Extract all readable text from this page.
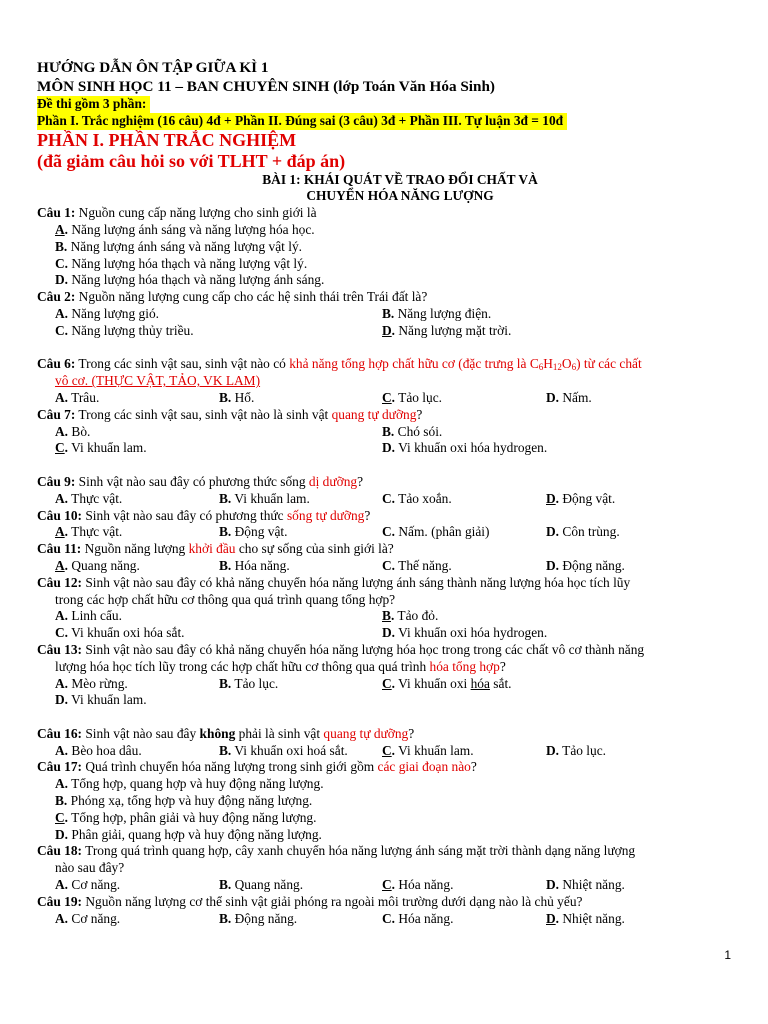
HƯỚNG DẪN ÔN TẬP GIỮA KÌ 1
MÔN SINH HỌC 11 – BAN CHUYÊN SINH (lớp Toán Văn Hóa Sinh)
Đề thi gồm 3 phần:
Phần I. Trắc nghiệm (16 câu) 4đ + Phần II. Đúng sai (3 câu) 3đ + Phần III. Tự luận 3đ = 10đ
PHẦN I. PHẦN TRẮC NGHIỆM
(đã giảm câu hỏi so với TLHT + đáp án)
BÀI 1: KHÁI QUÁT VỀ TRAO ĐỔI CHẤT VÀ
CHUYỂN HÓA NĂNG LƯỢNG
Câu 1: Nguồn cung cấp năng lượng cho sinh giới là
A. Năng lượng ánh sáng và năng lượng hóa học.
B. Năng lượng ánh sáng và năng lượng vật lý.
C. Năng lượng hóa thạch và năng lượng vật lý.
D. Năng lượng hóa thạch và năng lượng ánh sáng.
Câu 2: Nguồn năng lượng cung cấp cho các hệ sinh thái trên Trái đất là?
A. Năng lượng gió.	B. Năng lượng điện.
C. Năng lượng thủy triều.	D. Năng lượng mặt trời.
Câu 6: Trong các sinh vật sau, sinh vật nào có khả năng tổng hợp chất hữu cơ (đặc trưng là $C_6H_{12}O_6$) từ các chất
vô cơ. (THỰC VẬT, TẢO, VK LAM)
A. Trâu.	B. Hổ.	C. Tảo lục.	D. Nấm.
Câu 7: Trong các sinh vật sau, sinh vật nào là sinh vật quang tự dưỡng?
A. Bò.	B. Chó sói.
C. Vi khuẩn lam.	D. Vi khuẩn oxi hóa hydrogen.
Câu 9: Sinh vật nào sau đây có phương thức sống dị dưỡng?
A. Thực vật.	B. Vi khuẩn lam.	C. Tảo xoắn.	D. Động vật.
Câu 10: Sinh vật nào sau đây có phương thức sống tự dưỡng?
A. Thực vật.	B. Động vật.	C. Nấm. (phân giải)	D. Côn trùng.
Câu 11: Nguồn năng lượng khởi đầu cho sự sống của sinh giới là?
A. Quang năng.	B. Hóa năng.	C. Thế năng.	D. Động năng.
Câu 12: Sinh vật nào sau đây có khả năng chuyển hóa năng lượng ánh sáng thành năng lượng hóa học tích lũy
trong các hợp chất hữu cơ thông qua quá trình quang tổng hợp?
A. Linh cẩu.	B. Tảo đỏ.
C. Vi khuẩn oxi hóa sắt.	D. Vi khuẩn oxi hóa hydrogen.
Câu 13: Sinh vật nào sau đây có khả năng chuyển hóa năng lượng hóa học trong trong các chất vô cơ thành năng
lượng hóa học tích lũy trong các hợp chất hữu cơ thông qua quá trình hóa tổng hợp?
A. Mèo rừng.	B. Tảo lục.	C. Vi khuẩn oxi hóa sắt.
D. Vi khuẩn lam.
Câu 16: Sinh vật nào sau đây không phải là sinh vật quang tự dưỡng?
A. Bèo hoa dâu.	B. Vi khuẩn oxi hoá sắt.	C. Vi khuẩn lam.	D. Tảo lục.
Câu 17: Quá trình chuyển hóa năng lượng trong sinh giới gồm các giai đoạn nào?
A. Tổng hợp, quang hợp và huy động năng lượng.
B. Phóng xạ, tổng hợp và huy động năng lượng.
C. Tổng hợp, phân giải và huy động năng lượng.
D. Phân giải, quang hợp và huy động năng lượng.
Câu 18: Trong quá trình quang hợp, cây xanh chuyển hóa năng lượng ánh sáng mặt trời thành dạng năng lượng
nào sau đây?
A. Cơ năng.	B. Quang năng.	C. Hóa năng.	D. Nhiệt năng.
Câu 19: Nguồn năng lượng cơ thể sinh vật giải phóng ra ngoài môi trường dưới dạng nào là chủ yếu?
A. Cơ năng.	B. Động năng.	C. Hóa năng.	D. Nhiệt năng.
1
